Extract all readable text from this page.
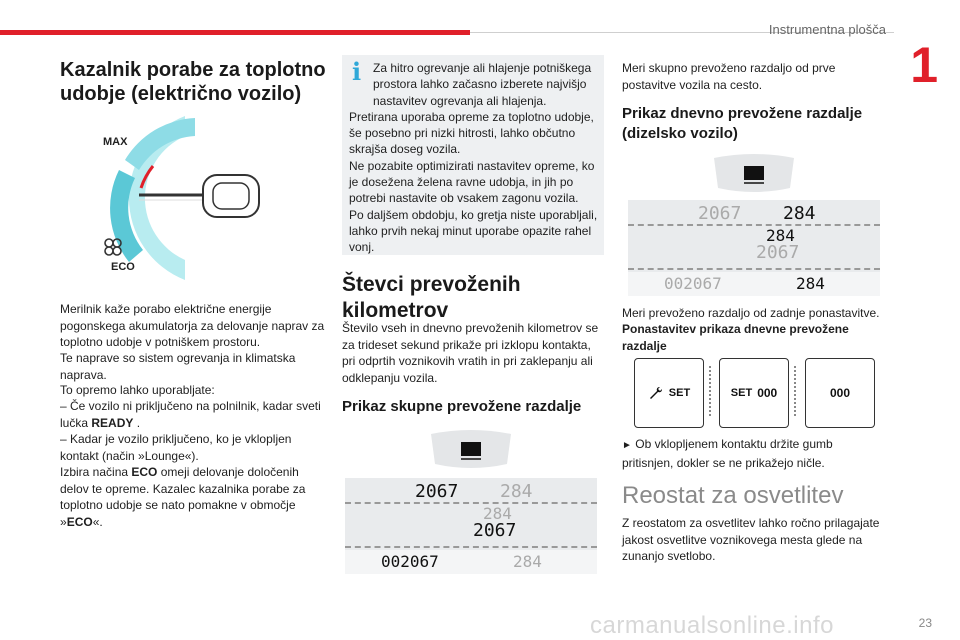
Instrumentna plošča
1
Kazalnik porabe za toplotno udobje (električno vozilo)
MAX
ECO

Merilnik kaže porabo električne energije pogonskega akumulatorja za delovanje naprav za toplotno udobje v potniškem prostoru.

Te naprave so sistem ogrevanja in klimatska naprava.

To opremo lahko uporabljate:

– Če vozilo ni priključeno na polnilnik, kadar sveti lučka READY .

– Kadar je vozilo priključeno, ko je vklopljen kontakt (način »Lounge«).

Izbira načina ECO omeji delovanje določenih delov te opreme. Kazalec kazalnika porabe za toplotno udobje se nato pomakne v območje »ECO«.

i Za hitro ogrevanje ali hlajenje potniškega prostora lahko začasno izberete najvišjo nastavitev ogrevanja ali hlajenja.
Pretirana uporaba opreme za toplotno udobje, še posebno pri nizki hitrosti, lahko občutno skrajša doseg vozila.
Ne pozabite optimizirati nastavitev opreme, ko je dosežena želena ravne udobja, in jih po potrebi nastavite ob vsakem zagonu vozila.
Po daljšem obdobju, ko gretja niste uporabljali, lahko prvih nekaj minut uporabe opazite rahel vonj.
Števci prevoženih kilometrov

Število vseh in dnevno prevoženih kilometrov se za trideset sekund prikaže pri izklopu kontakta, pri odprtih voznikovih vratih in pri zaklepanju ali odklepanju vozila.

Prikaz skupne prevožene razdalje
2067 284
284
2067
002067	284

Meri skupno prevoženo razdaljo od prve postavitve vozila na cesto.

Prikaz dnevno prevožene razdalje (dizelsko vozilo)
2067 284
284
2067
002067	284

Meri prevoženo razdaljo od zadnje ponastavitve.

Ponastavitev prikaza dnevne prevožene razdalje

SET	SET 000	000

► Ob vklopljenem kontaktu držite gumb pritisnjen, dokler se ne prikažejo ničle.

Reostat za osvetlitev

Z reostatom za osvetlitev lahko ročno prilagajate jakost osvetlitve voznikovega mesta glede na zunanjo svetlobo.

23
carmanualsonline.info
